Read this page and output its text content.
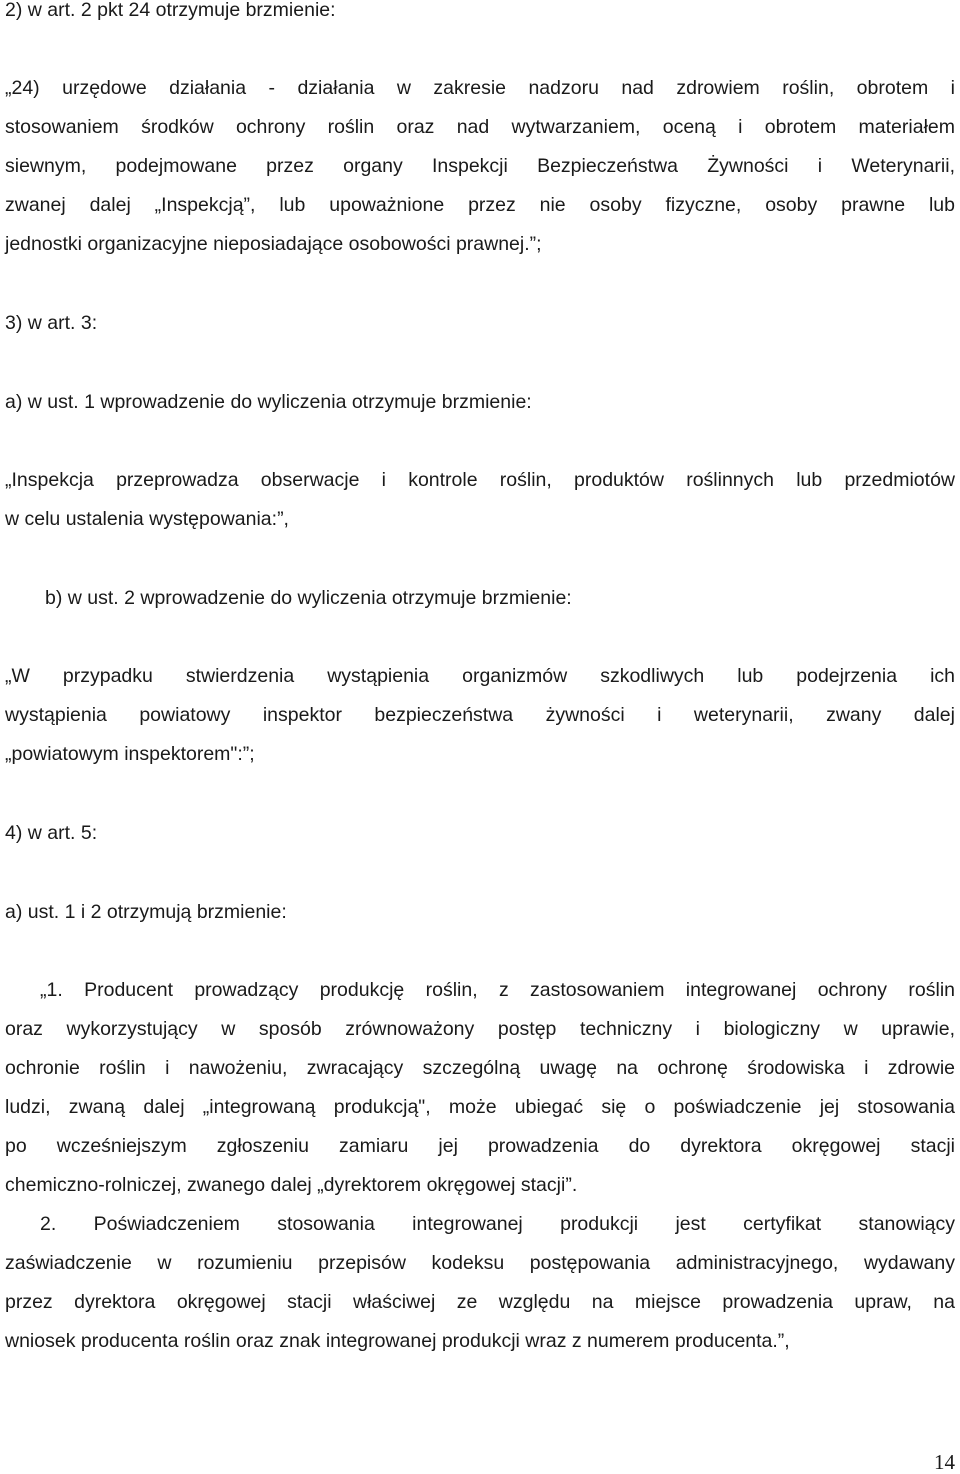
2) w art. 2 pkt 24 otrzymuje brzmienie:
„24) urzędowe działania - działania w zakresie nadzoru nad zdrowiem roślin, obrotem i
stosowaniem środków ochrony roślin oraz nad wytwarzaniem, oceną i obrotem materiałem
siewnym, podejmowane przez organy Inspekcji Bezpieczeństwa Żywności i Weterynarii,
zwanej dalej „Inspekcją”, lub upoważnione przez nie osoby fizyczne, osoby prawne lub
jednostki organizacyjne nieposiadające osobowości prawnej.”;
3) w art. 3:
a) w ust. 1 wprowadzenie do wyliczenia otrzymuje brzmienie:
„Inspekcja przeprowadza obserwacje i kontrole roślin, produktów roślinnych lub przedmiotów
w celu ustalenia występowania:”,
b) w ust. 2 wprowadzenie do wyliczenia otrzymuje brzmienie:
„W przypadku stwierdzenia wystąpienia organizmów szkodliwych lub podejrzenia ich
wystąpienia powiatowy inspektor bezpieczeństwa żywności i weterynarii, zwany dalej
„powiatowym inspektorem":”;
4) w art. 5:
a) ust. 1 i 2 otrzymują brzmienie:
„1. Producent prowadzący produkcję roślin, z zastosowaniem integrowanej ochrony roślin
oraz wykorzystujący w sposób zrównoważony postęp techniczny i biologiczny w uprawie,
ochronie roślin i nawożeniu, zwracający szczególną uwagę na ochronę środowiska i zdrowie
ludzi, zwaną dalej „integrowaną produkcją", może ubiegać się o poświadczenie jej stosowania
po wcześniejszym zgłoszeniu zamiaru jej prowadzenia do dyrektora okręgowej stacji
chemiczno-rolniczej, zwanego dalej „dyrektorem okręgowej stacji”.
2. Poświadczeniem stosowania integrowanej produkcji jest certyfikat stanowiący
zaświadczenie w rozumieniu przepisów kodeksu postępowania administracyjnego, wydawany
przez dyrektora okręgowej stacji właściwej ze względu na miejsce prowadzenia upraw, na
wniosek producenta roślin oraz znak integrowanej produkcji wraz z numerem producenta.”,
14
